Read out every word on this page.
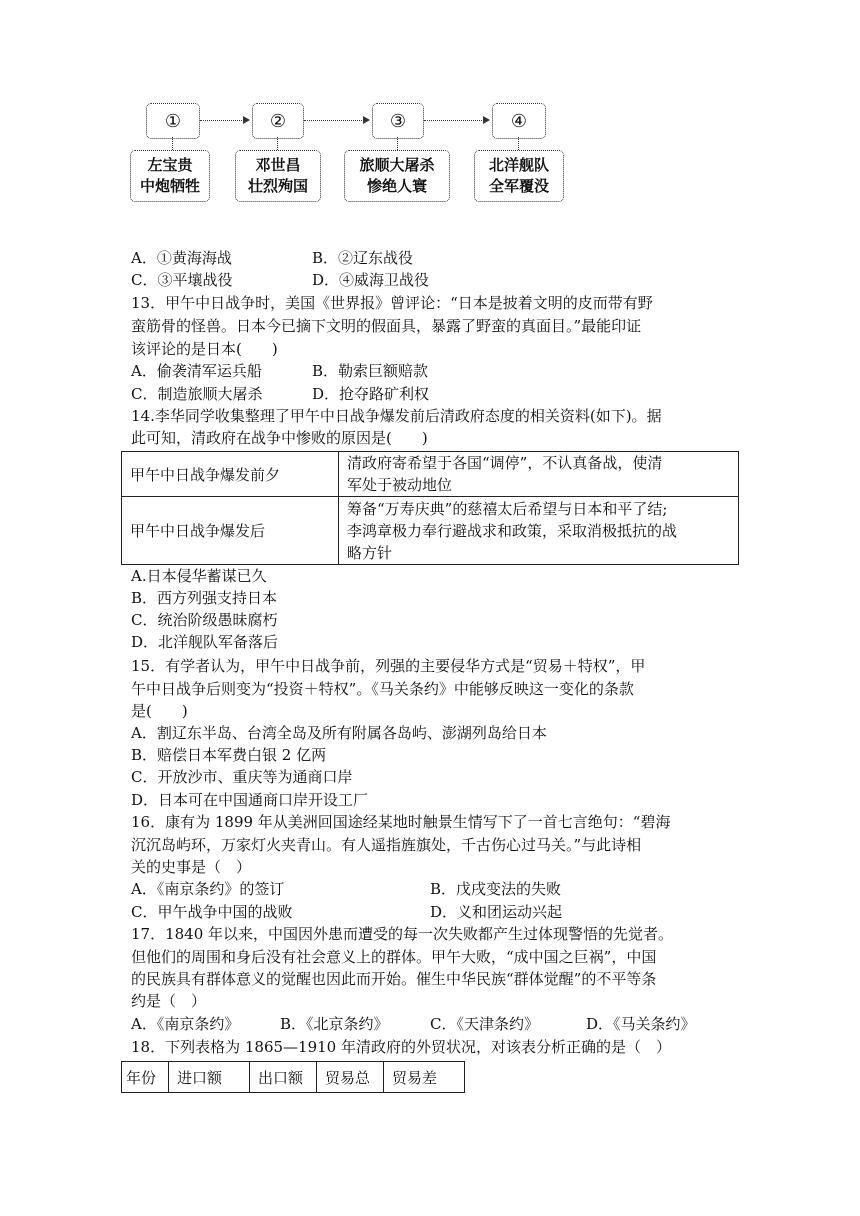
①	②	③	④
左宝贵
中炮牺牲
邓世昌
壮烈殉国
旅顺大屠杀
惨绝人寰
北洋舰队
全军覆没
A．①黄海海战	B．②辽东战役
C．③平壤战役	D．④威海卫战役
13．甲午中日战争时，美国《世界报》曾评论：“日本是披着文明的皮而带有野
蛮筋骨的怪兽。日本今已摘下文明的假面具，暴露了野蛮的真面目。”最能印证
该评论的是日本(　　)
A．偷袭清军运兵船	B．勒索巨额赔款
C．制造旅顺大屠杀	D．抢夺路矿利权
14.李华同学收集整理了甲午中日战争爆发前后清政府态度的相关资料(如下)。据
此可知，清政府在战争中惨败的原因是(　　)
甲午中日战争爆发前夕	清政府寄希望于各国“调停”，不认真备战，使清
军处于被动地位

甲午中日战争爆发后	筹备“万寿庆典”的慈禧太后希望与日本和平了结;
李鸿章极力奉行避战求和政策，采取消极抵抗的战
略方针
A.日本侵华蓄谋已久
B．西方列强支持日本
C．统治阶级愚昧腐朽
D．北洋舰队军备落后
15．有学者认为，甲午中日战争前，列强的主要侵华方式是“贸易＋特权”，甲
午中日战争后则变为“投资＋特权”。《马关条约》中能够反映这一变化的条款
是(　　)
A．割辽东半岛、台湾全岛及所有附属各岛屿、澎湖列岛给日本
B．赔偿日本军费白银 2 亿两
C．开放沙市、重庆等为通商口岸
D．日本可在中国通商口岸开设工厂
16．康有为 1899 年从美洲回国途经某地时触景生情写下了一首七言绝句：“碧海
沉沉岛屿环，万家灯火夹青山。有人遥指旌旗处，千古伤心过马关。”与此诗相
关的史事是（　）
A．《南京条约》的签订	B．戊戌变法的失败
C．甲午战争中国的战败	D．义和团运动兴起
17．1840 年以来，中国因外患而遭受的每一次失败都产生过体现警悟的先觉者。
但他们的周围和身后没有社会意义上的群体。甲午大败，“成中国之巨祸”，中国
的民族具有群体意义的觉醒也因此而开始。催生中华民族“群体觉醒”的不平等条
约是（　）
A．《南京条约》	B．《北京条约》	C．《天津条约》	D．《马关条约》
18．下列表格为 1865—1910 年清政府的外贸状况，对该表分析正确的是（　）
年份	进口额	出口额	贸易总	贸易差
